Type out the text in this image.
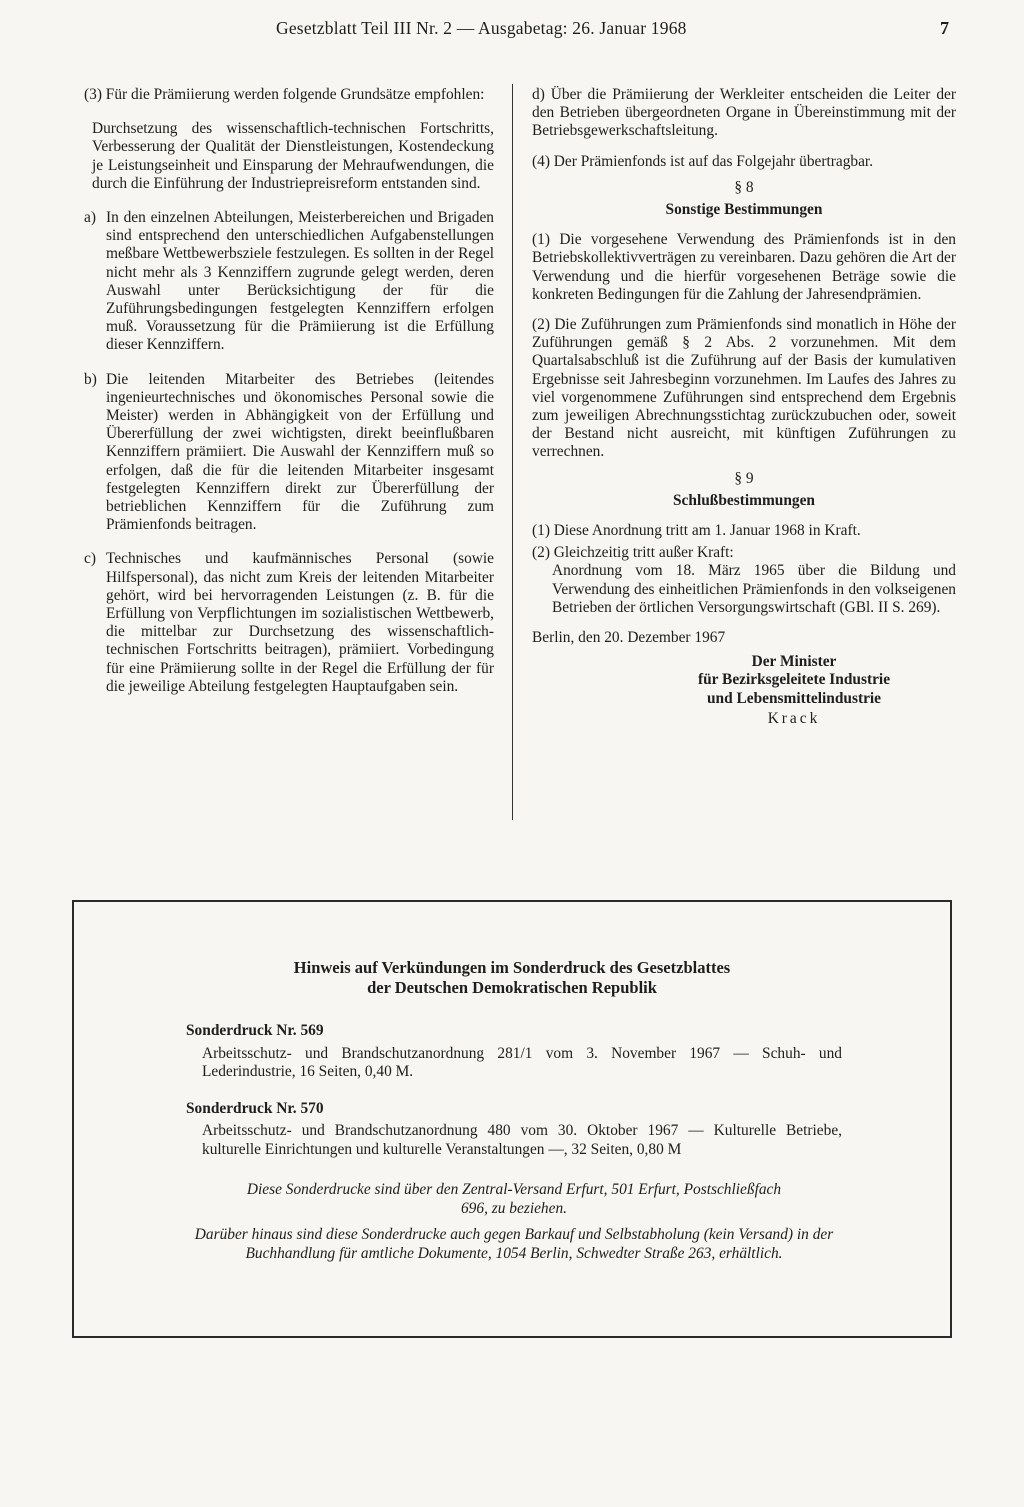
Gesetzblatt Teil III Nr. 2 — Ausgabetag: 26. Januar 1968	7

(3) Für die Prämiierung werden folgende Grundsätze empfohlen:

Durchsetzung des wissenschaftlich-technischen Fortschritts, Verbesserung der Qualität der Dienstleistungen, Kostendeckung je Leistungseinheit und Einsparung der Mehraufwendungen, die durch die Einführung der Industriepreisreform entstanden sind.

a) In den einzelnen Abteilungen, Meisterbereichen und Brigaden sind entsprechend den unterschiedlichen Aufgabenstellungen meßbare Wettbewerbsziele festzulegen. Es sollten in der Regel nicht mehr als 3 Kennziffern zugrunde gelegt werden, deren Auswahl unter Berücksichtigung der für die Zuführungsbedingungen festgelegten Kennziffern erfolgen muß. Voraussetzung für die Prämiierung ist die Erfüllung dieser Kennziffern.
b) Die leitenden Mitarbeiter des Betriebes (leitendes ingenieurtechnisches und ökonomisches Personal sowie die Meister) werden in Abhängigkeit von der Erfüllung und Übererfüllung der zwei wichtigsten, direkt beeinflußbaren Kennziffern prämiiert. Die Auswahl der Kennziffern muß so erfolgen, daß die für die leitenden Mitarbeiter insgesamt festgelegten Kennziffern direkt zur Übererfüllung der betrieblichen Kennziffern für die Zuführung zum Prämienfonds beitragen.
c) Technisches und kaufmännisches Personal (sowie Hilfspersonal), das nicht zum Kreis der leitenden Mitarbeiter gehört, wird bei hervorragenden Leistungen (z. B. für die Erfüllung von Verpflichtungen im sozialistischen Wettbewerb, die mittelbar zur Durchsetzung des wissenschaftlich-technischen Fortschritts beitragen), prämiiert. Vorbedingung für eine Prämiierung sollte in der Regel die Erfüllung der für die jeweilige Abteilung festgelegten Hauptaufgaben sein.

d) Über die Prämiierung der Werkleiter entscheiden die Leiter der den Betrieben übergeordneten Organe in Übereinstimmung mit der Betriebsgewerkschaftsleitung.

(4) Der Prämienfonds ist auf das Folgejahr übertragbar.

§ 8

Sonstige Bestimmungen

(1) Die vorgesehene Verwendung des Prämienfonds ist in den Betriebskollektivverträgen zu vereinbaren. Dazu gehören die Art der Verwendung und die hierfür vorgesehenen Beträge sowie die konkreten Bedingungen für die Zahlung der Jahresendprämien.

(2) Die Zuführungen zum Prämienfonds sind monatlich in Höhe der Zuführungen gemäß § 2 Abs. 2 vorzunehmen. Mit dem Quartalsabschluß ist die Zuführung auf der Basis der kumulativen Ergebnisse seit Jahresbeginn vorzunehmen. Im Laufes des Jahres zu viel vorgenommene Zuführungen sind entsprechend dem Ergebnis zum jeweiligen Abrechnungsstichtag zurückzubuchen oder, soweit der Bestand nicht ausreicht, mit künftigen Zuführungen zu verrechnen.

§ 9

Schlußbestimmungen

(1) Diese Anordnung tritt am 1. Januar 1968 in Kraft.

(2) Gleichzeitig tritt außer Kraft:

Anordnung vom 18. März 1965 über die Bildung und Verwendung des einheitlichen Prämienfonds in den volkseigenen Betrieben der örtlichen Versorgungswirtschaft (GBl. II S. 269).

Berlin, den 20. Dezember 1967

Der Minister
für Bezirksgeleitete Industrie
und Lebensmittelindustrie
Krack
Hinweis auf Verkündungen im Sonderdruck des Gesetzblattes
der Deutschen Demokratischen Republik
Sonderdruck Nr. 569
Arbeitsschutz- und Brandschutzanordnung 281/1 vom 3. November 1967 — Schuh- und Lederindustrie, 16 Seiten, 0,40 M.
Sonderdruck Nr. 570
Arbeitsschutz- und Brandschutzanordnung 480 vom 30. Oktober 1967 — Kulturelle Betriebe, kulturelle Einrichtungen und kulturelle Veranstaltungen —, 32 Seiten, 0,80 M
Diese Sonderdrucke sind über den Zentral-Versand Erfurt, 501 Erfurt, Postschließfach 696, zu beziehen.
Darüber hinaus sind diese Sonderdrucke auch gegen Barkauf und Selbstabholung (kein Versand) in der Buchhandlung für amtliche Dokumente, 1054 Berlin, Schwedter Straße 263, erhältlich.
